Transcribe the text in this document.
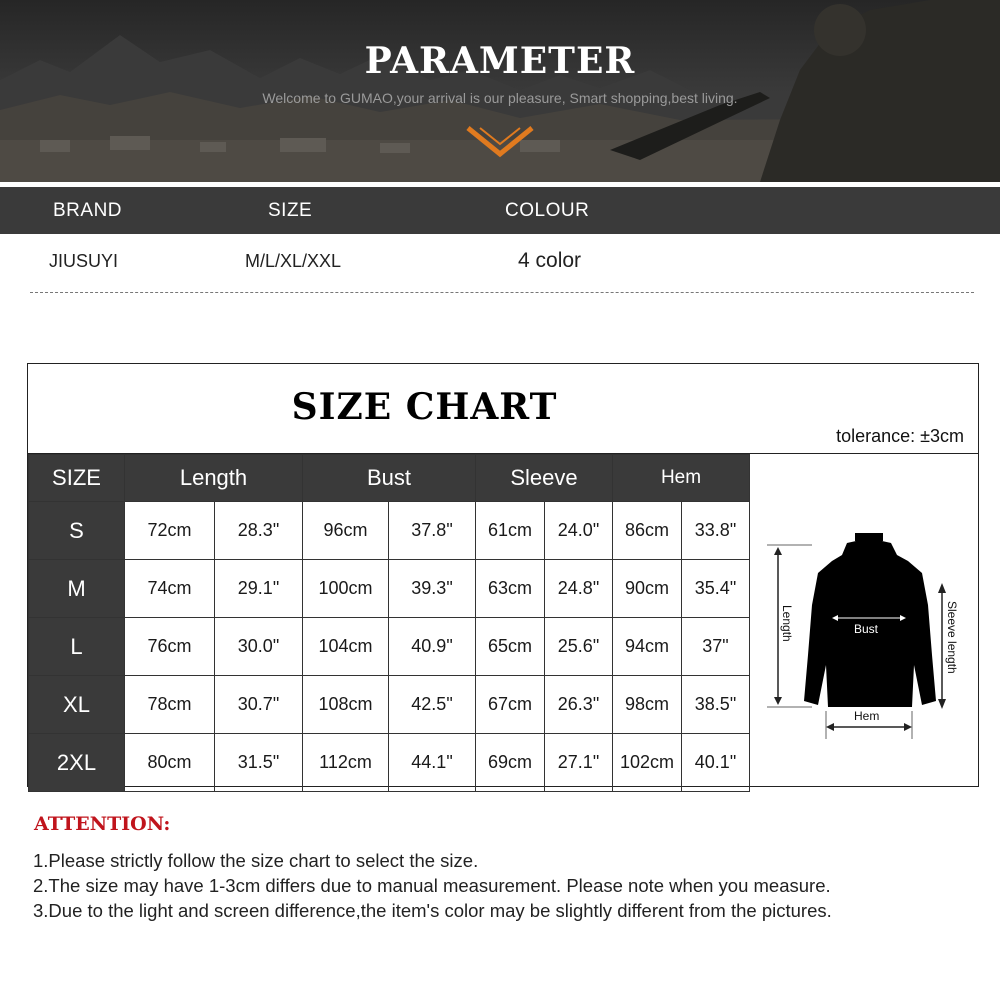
PARAMETER
Welcome to GUMAO,your arrival is our pleasure, Smart shopping,best living.
BRAND	SIZE	COLOUR
JIUSUYI	M/L/XL/XXL	4 color
SIZE CHART
tolerance: ±3cm
SIZE	Length		Bust		Sleeve		Hem	
S	72cm	28.3"	96cm	37.8"	61cm	24.0"	86cm	33.8"
M	74cm	29.1"	100cm	39.3"	63cm	24.8"	90cm	35.4"
L	76cm	30.0"	104cm	40.9"	65cm	25.6"	94cm	37"
XL	78cm	30.7"	108cm	42.5"	67cm	26.3"	98cm	38.5"
2XL	80cm	31.5"	112cm	44.1"	69cm	27.1"	102cm	40.1"
Length	Bust
Hem
Sleeve length
ATTENTION:
1.Please strictly follow the size chart to select the size.
2.The size may have 1-3cm differs due to manual measurement. Please note when you measure.
3.Due to the light and screen difference,the item's color may be slightly different from the pictures.
